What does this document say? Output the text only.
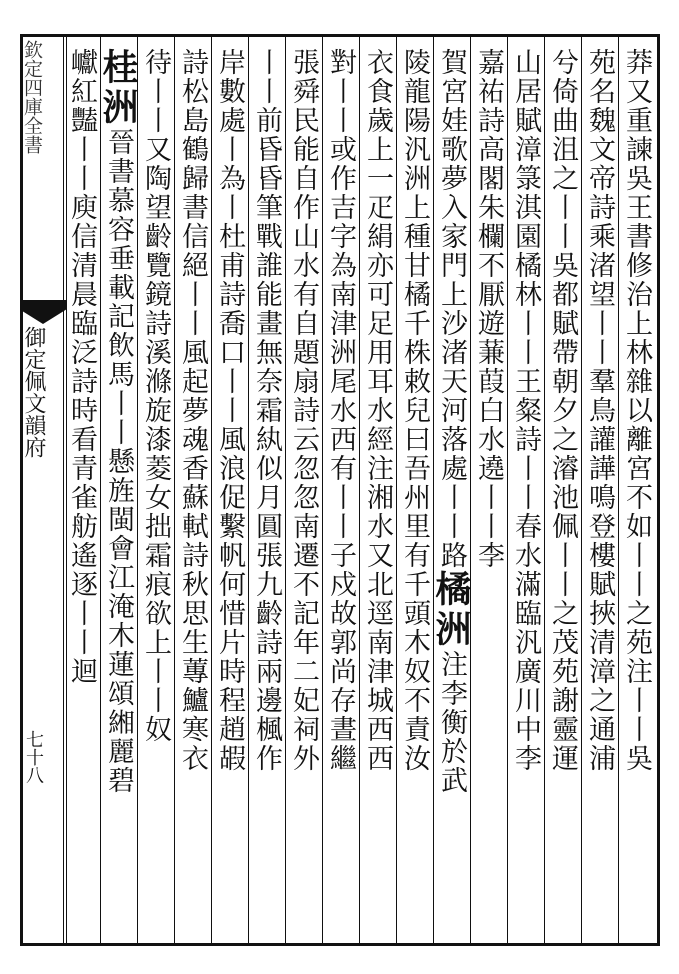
欽定四庫全書
御定佩文韻府
七十八	莽又重諫吳王書修治上林雜以離宮不如丨丨之苑注丨丨吳
苑名魏文帝詩乘渚望丨丨羣鳥讙譁鳴登樓賦挾清漳之通浦
兮倚曲沮之丨丨吳都賦帶朝夕之濬池佩丨丨之茂苑謝靈運
山居賦漳箓淇園橘林丨丨王粲詩丨丨春水滿臨汎廣川中李
嘉祐詩高閣朱欄不厭遊蒹葭白水遶丨丨李
賀宮娃歌夢入家門上沙渚天河落處丨丨路橘洲注李衡於武
陵龍陽汎洲上種甘橘千株敕兒曰吾州里有千頭木奴不責汝
衣食歲上一疋絹亦可足用耳水經注湘水又北逕南津城西西
對丨丨或作吉字為南津洲尾水西有丨丨子戍故郭尚存晝繼
張舜民能自作山水有自題扇詩云忽忽南遷不記年二妃祠外
丨丨前昏昏筆戰誰能畫無奈霜紈似月圓張九齡詩兩邊楓作
岸數處丨為丨杜甫詩喬口丨丨風浪促繫帆何惜片時程趙嘏
詩松島鶴歸書信絕丨丨風起夢魂香蘇軾詩秋思生蓴鱸寒衣
待丨丨又陶望齡覽鏡詩溪滌旋漆菱女拙霜痕欲上丨丨奴
桂洲晉書慕容垂載記飲馬丨丨懸旌閩會江淹木蓮頌緗麗碧
巘紅豔丨丨庾信清晨臨泛詩時看青雀舫遙逐丨丨迴
